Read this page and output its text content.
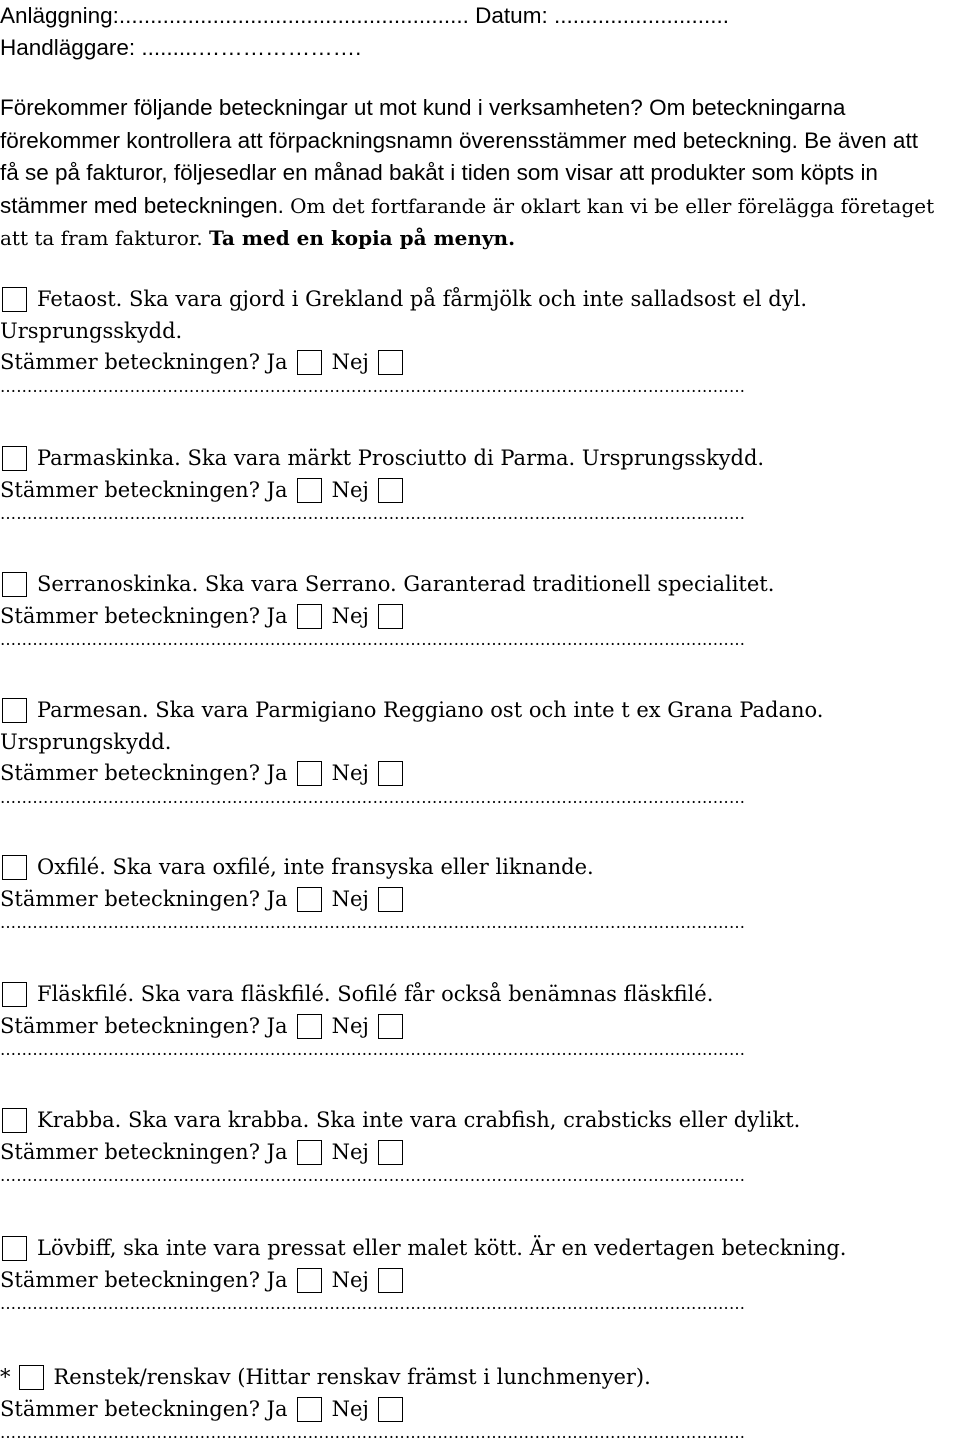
Anläggning:........................................................ Datum: ............................
Handläggare: .........………………….
Förekommer följande beteckningar ut mot kund i verksamheten? Om beteckningarna
förekommer kontrollera att förpackningsnamn överensstämmer med beteckning. Be även att
få se på fakturor, följesedlar en månad bakåt i tiden som visar att produkter som köpts in
stämmer med beteckningen. Om det fortfarande är oklart kan vi be eller förelägga företaget
att ta fram fakturor. Ta med en kopia på menyn.
Fetaost. Ska vara gjord i Grekland på fårmjölk och inte salladsost el dyl.
Ursprungsskydd.
Stämmer beteckningen? Ja Nej
…………………………………………………………………………………………………………………………
Parmaskinka. Ska vara märkt Prosciutto di Parma. Ursprungsskydd.
Stämmer beteckningen? Ja Nej
…………………………………………………………………………………………………………………………
Serranoskinka. Ska vara Serrano. Garanterad traditionell specialitet.
Stämmer beteckningen? Ja Nej
…………………………………………………………………………………………………………………………
Parmesan. Ska vara Parmigiano Reggiano ost och inte t ex Grana Padano.
Ursprungskydd.
Stämmer beteckningen? Ja Nej
…………………………………………………………………………………………………………………………
Oxfilé. Ska vara oxfilé, inte fransyska eller liknande.
Stämmer beteckningen? Ja Nej
…………………………………………………………………………………………………………………………
Fläskfilé. Ska vara fläskfilé. Sofilé får också benämnas fläskfilé.
Stämmer beteckningen? Ja Nej
…………………………………………………………………………………………………………………………
Krabba. Ska vara krabba. Ska inte vara crabfish, crabsticks eller dylikt.
Stämmer beteckningen? Ja Nej
…………………………………………………………………………………………………………………………
Lövbiff, ska inte vara pressat eller malet kött. Är en vedertagen beteckning.
Stämmer beteckningen? Ja Nej
…………………………………………………………………………………………………………………………
* Renstek/renskav (Hittar renskav främst i lunchmenyer).
Stämmer beteckningen? Ja Nej
…………………………………………………………………………………………………………………………
